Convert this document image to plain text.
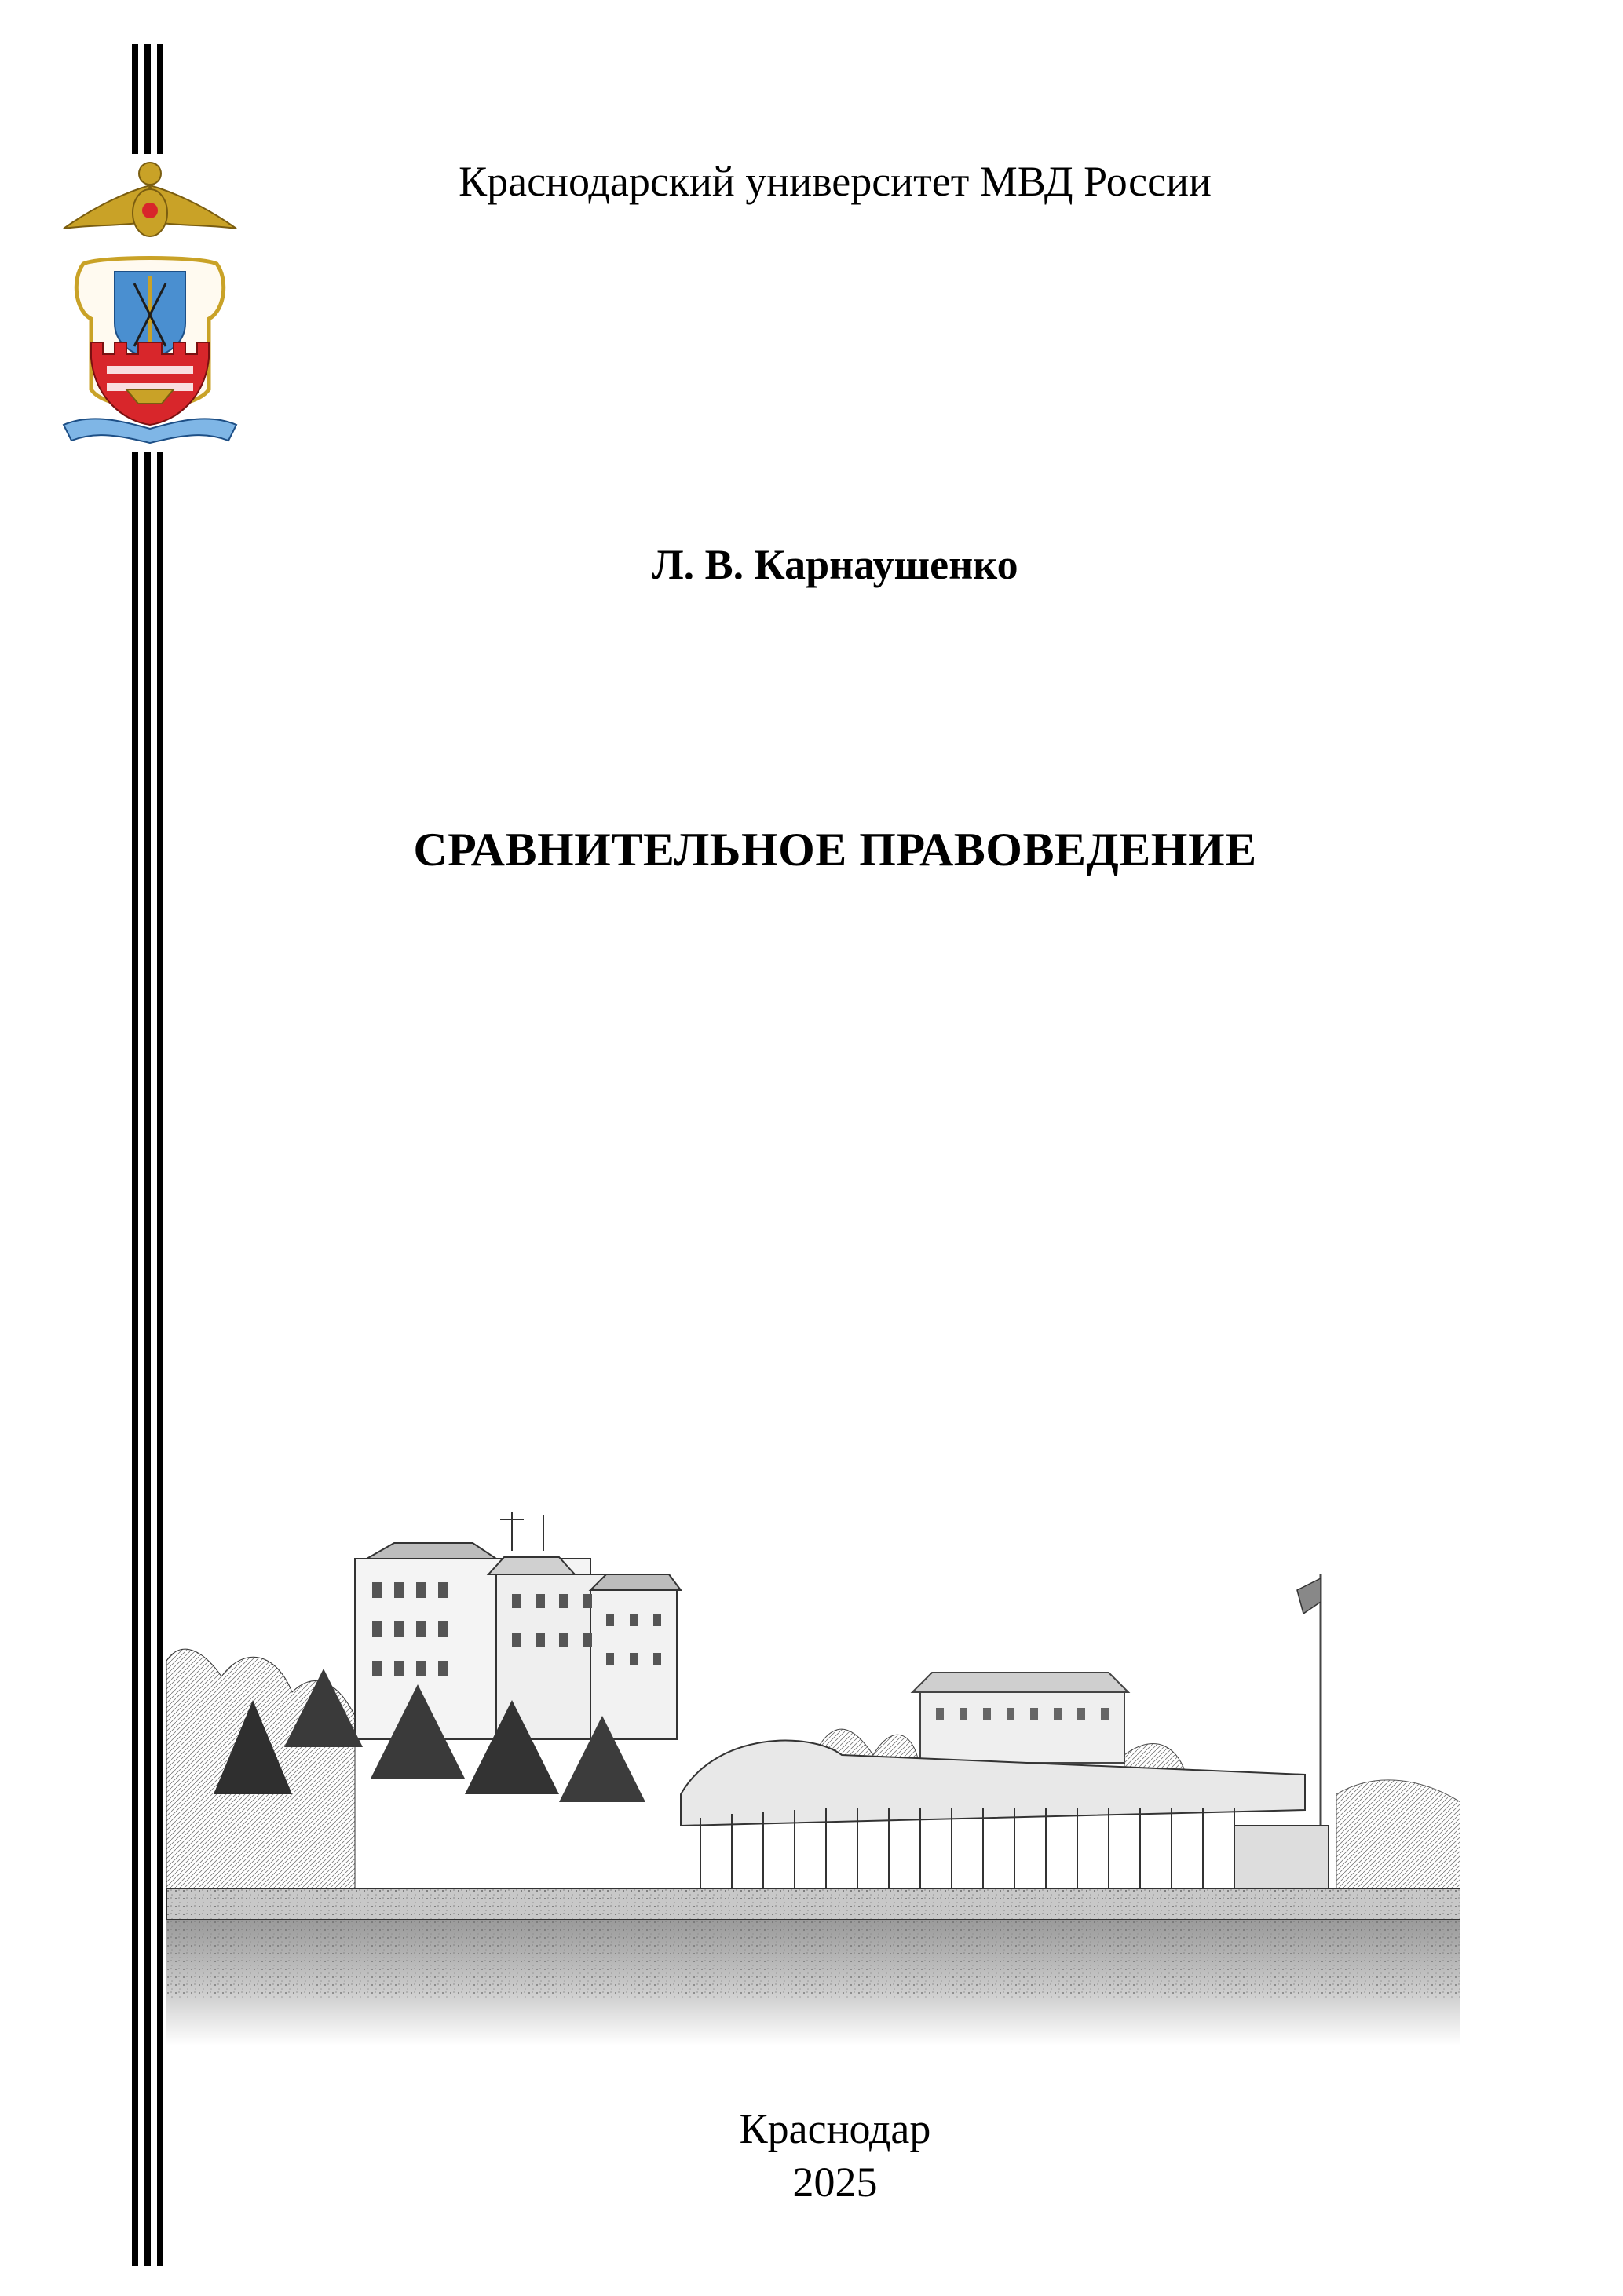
Краснодарский университет МВД России
Л. В. Карнаушенко
СРАВНИТЕЛЬНОЕ ПРАВОВЕДЕНИЕ
Краснодар
2025
